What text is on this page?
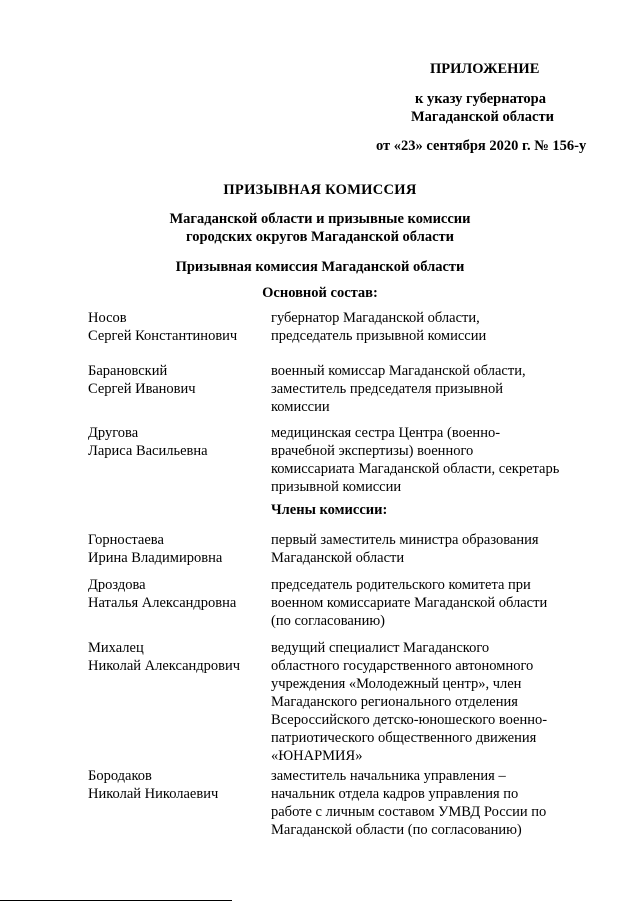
ПРИЛОЖЕНИЕ
к указу губернатора
Магаданской области
от «23» сентября 2020 г. № 156-у
ПРИЗЫВНАЯ КОМИССИЯ
Магаданской области и призывные комиссии
городских округов Магаданской области
Призывная комиссия Магаданской области
Основной состав:
Носов
Сергей Константинович
губернатор Магаданской области,
председатель призывной комиссии
Барановский
Сергей Иванович
военный комиссар Магаданской области,
заместитель председателя призывной
комиссии
Другова
Лариса Васильевна
медицинская сестра Центра (военно-
врачебной экспертизы) военного
комиссариата Магаданской области, секретарь
призывной комиссии
Члены комиссии:
Горностаева
Ирина Владимировна
первый заместитель министра образования
Магаданской области
Дроздова
Наталья Александровна
председатель родительского комитета при
военном комиссариате Магаданской области
(по согласованию)
Михалец
Николай Александрович
ведущий специалист Магаданского
областного государственного автономного
учреждения «Молодежный центр», член
Магаданского регионального отделения
Всероссийского детско-юношеского военно-
патриотического общественного движения
«ЮНАРМИЯ»
Бородаков
Николай Николаевич
заместитель начальника управления –
начальник отдела кадров управления по
работе с личным составом УМВД России по
Магаданской области (по согласованию)
